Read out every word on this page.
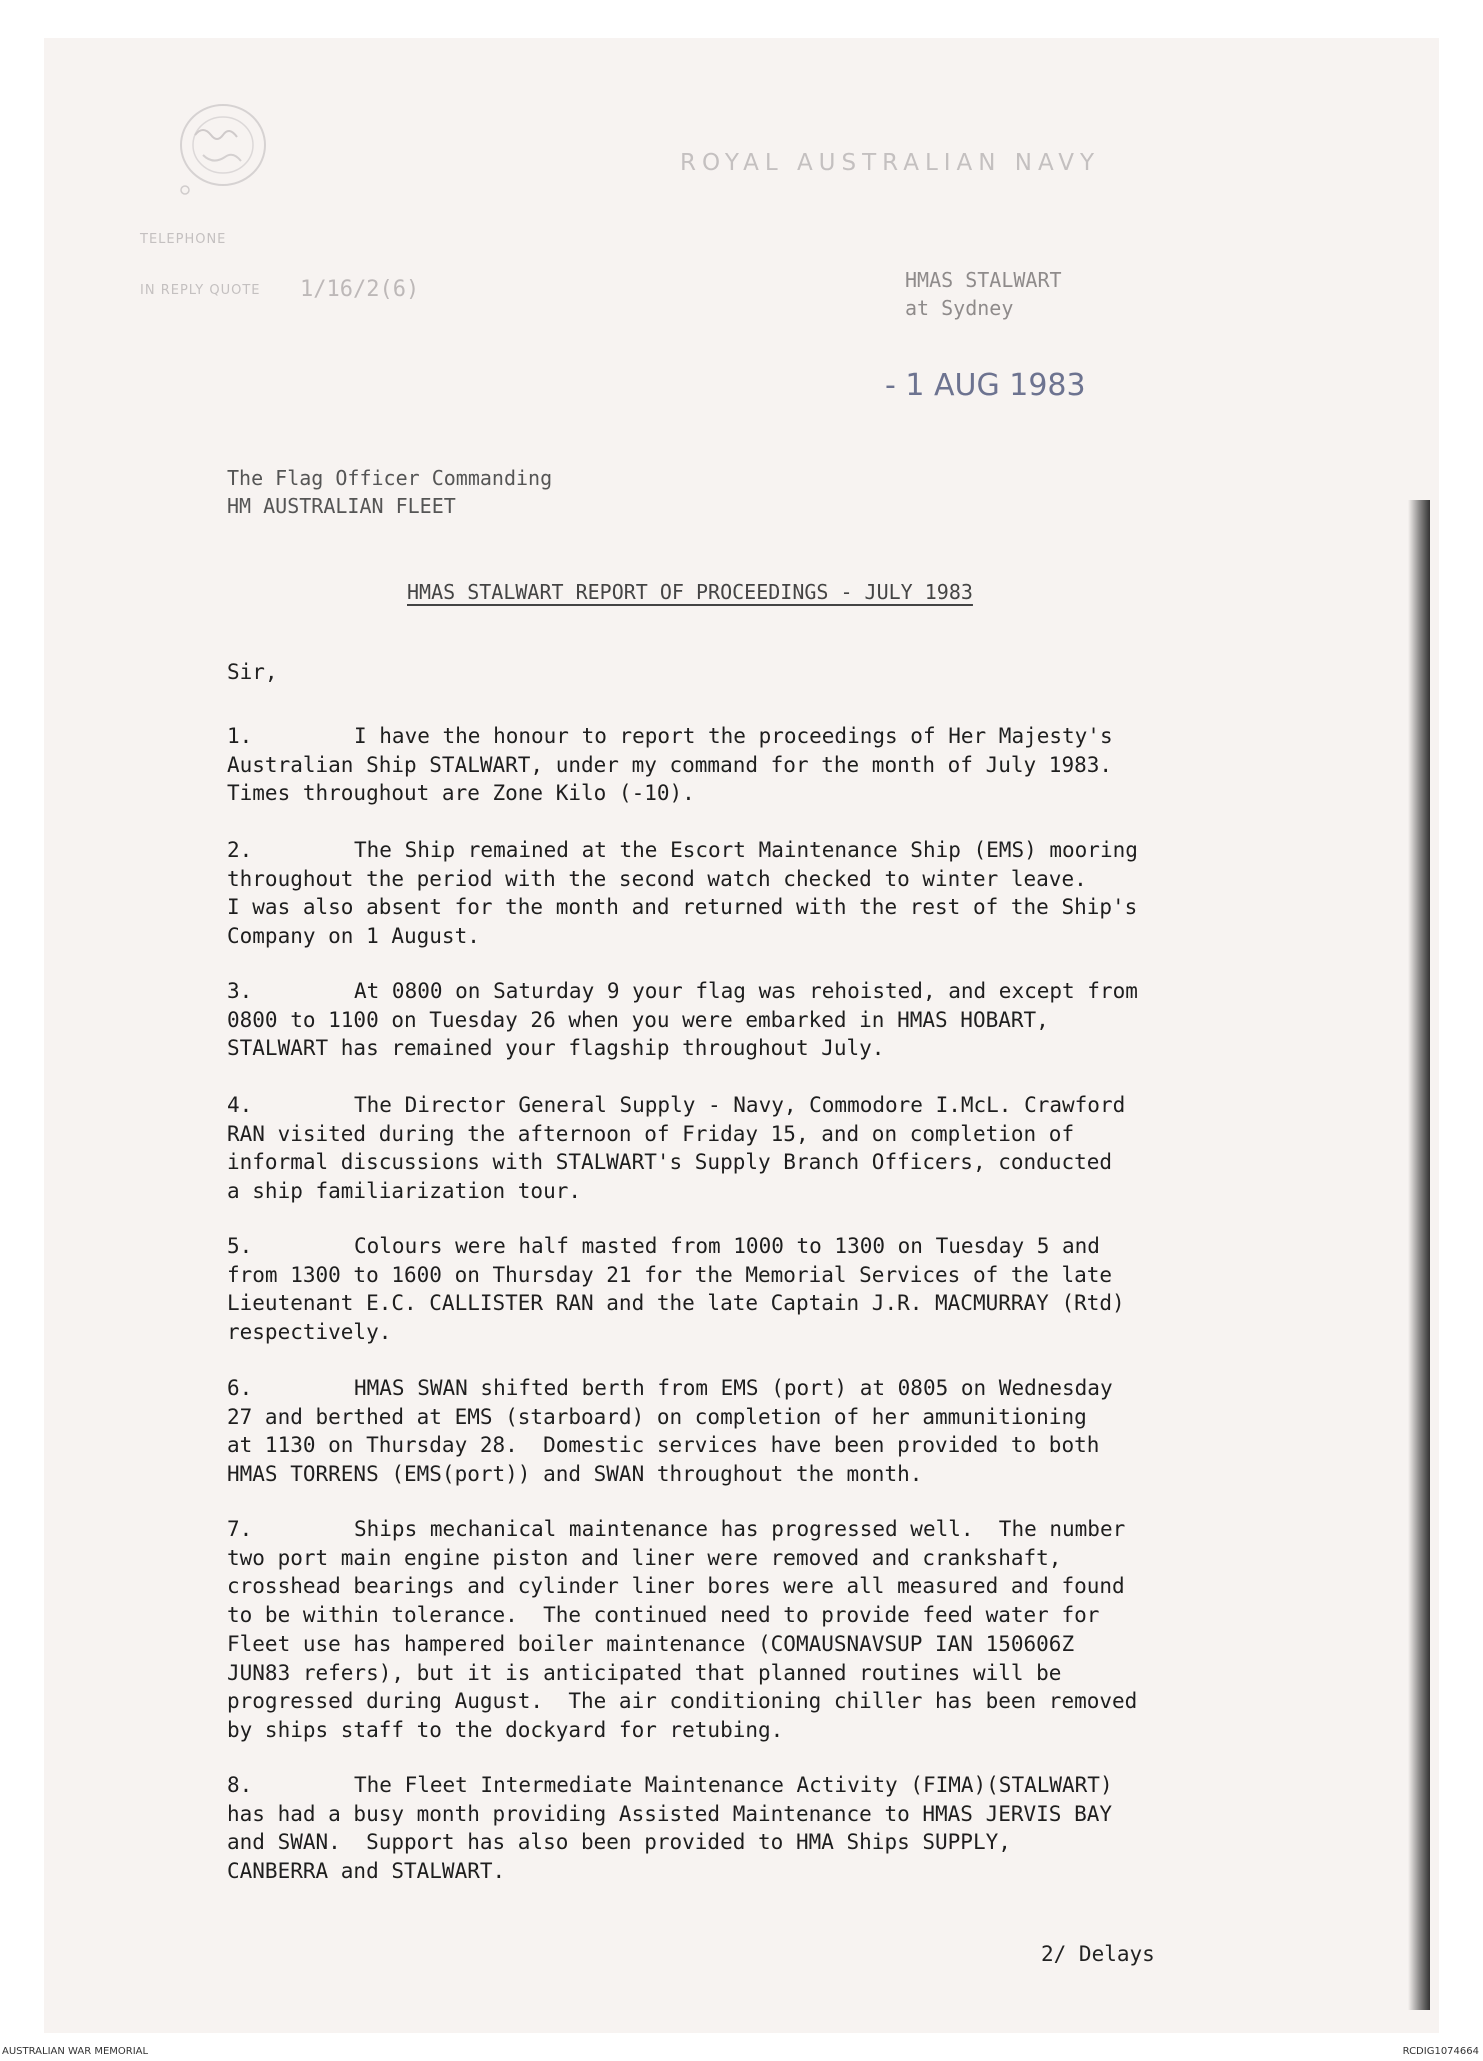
ROYAL AUSTRALIAN NAVY
TELEPHONE
IN REPLY QUOTE 1/16/2(6)	HMAS STALWART
at Sydney
- 1 AUG 1983
The Flag Officer Commanding
HM AUSTRALIAN FLEET
HMAS STALWART REPORT OF PROCEEDINGS - JULY 1983
Sir,
1.	I have the honour to report the proceedings of Her Majesty's
Australian Ship STALWART, under my command for the month of July 1983.
Times throughout are Zone Kilo (-10).
2.	The Ship remained at the Escort Maintenance Ship (EMS) mooring
throughout the period with the second watch checked to winter leave.
I was also absent for the month and returned with the rest of the Ship's
Company on 1 August.
3.	At 0800 on Saturday 9 your flag was rehoisted, and except from
0800 to 1100 on Tuesday 26 when you were embarked in HMAS HOBART,
STALWART has remained your flagship throughout July.
4.	The Director General Supply - Navy, Commodore I.McL. Crawford
RAN visited during the afternoon of Friday 15, and on completion of
informal discussions with STALWART's Supply Branch Officers, conducted
a ship familiarization tour.
5.	Colours were half masted from 1000 to 1300 on Tuesday 5 and
from 1300 to 1600 on Thursday 21 for the Memorial Services of the late
Lieutenant E.C. CALLISTER RAN and the late Captain J.R. MACMURRAY (Rtd)
respectively.
6.	HMAS SWAN shifted berth from EMS (port) at 0805 on Wednesday
27 and berthed at EMS (starboard) on completion of her ammunitioning
at 1130 on Thursday 28.  Domestic services have been provided to both
HMAS TORRENS (EMS(port)) and SWAN throughout the month.
7.	Ships mechanical maintenance has progressed well.  The number
two port main engine piston and liner were removed and crankshaft,
crosshead bearings and cylinder liner bores were all measured and found
to be within tolerance.  The continued need to provide feed water for
Fleet use has hampered boiler maintenance (COMAUSNAVSUP IAN 150606Z
JUN83 refers), but it is anticipated that planned routines will be
progressed during August.  The air conditioning chiller has been removed
by ships staff to the dockyard for retubing.
8.	The Fleet Intermediate Maintenance Activity (FIMA)(STALWART)
has had a busy month providing Assisted Maintenance to HMAS JERVIS BAY
and SWAN.  Support has also been provided to HMA Ships SUPPLY,
CANBERRA and STALWART.
2/ Delays
AUSTRALIAN WAR MEMORIAL	RCDIG1074664
